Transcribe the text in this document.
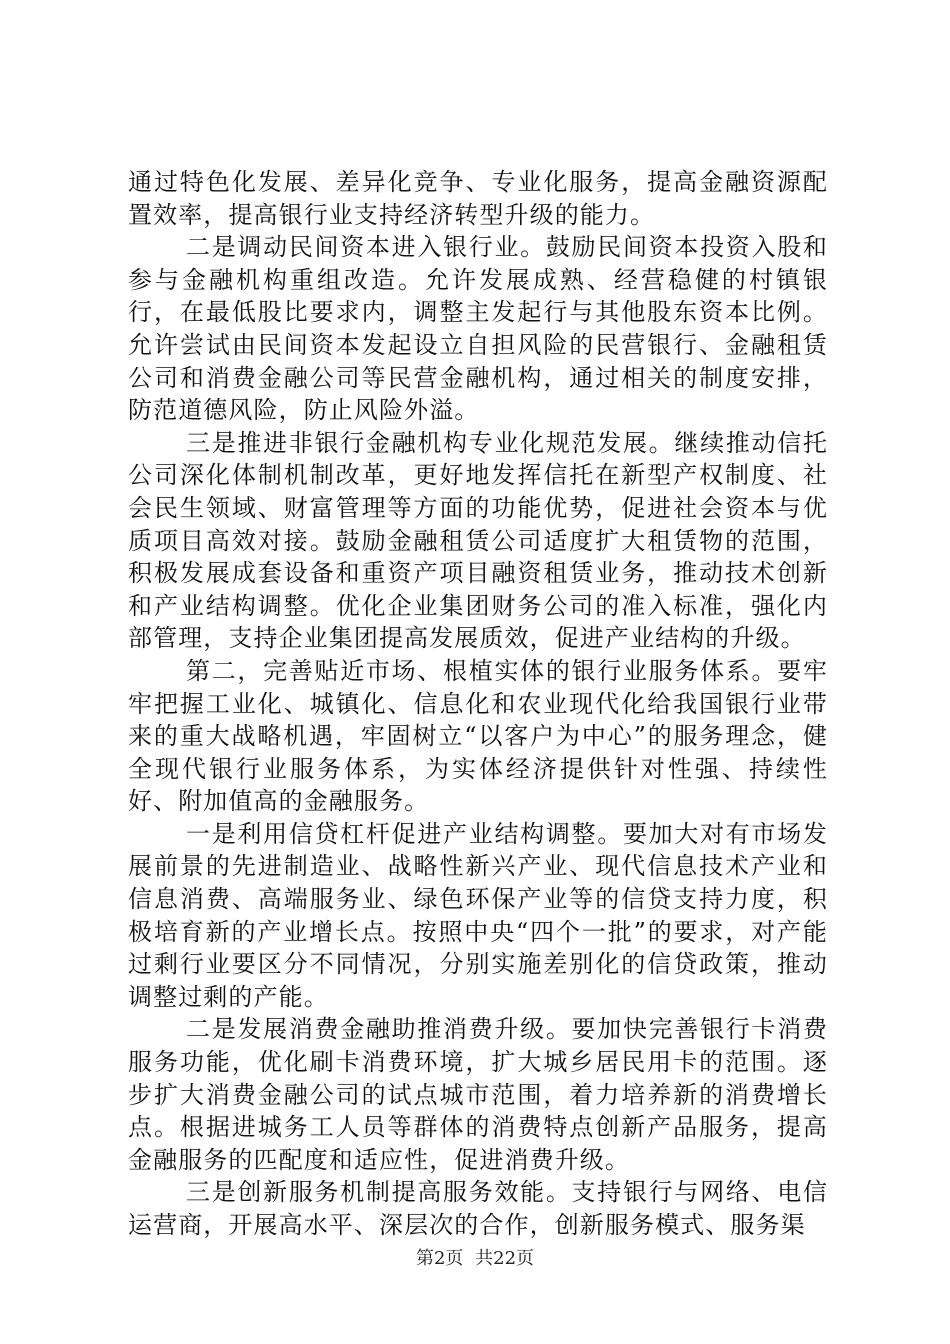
通过特色化发展、差异化竞争、专业化服务，提高金融资源配置效率，提高银行业支持经济转型升级的能力。

二是调动民间资本进入银行业。鼓励民间资本投资入股和参与金融机构重组改造。允许发展成熟、经营稳健的村镇银行，在最低股比要求内，调整主发起行与其他股东资本比例。允许尝试由民间资本发起设立自担风险的民营银行、金融租赁公司和消费金融公司等民营金融机构，通过相关的制度安排，防范道德风险，防止风险外溢。

三是推进非银行金融机构专业化规范发展。继续推动信托公司深化体制机制改革，更好地发挥信托在新型产权制度、社会民生领域、财富管理等方面的功能优势，促进社会资本与优质项目高效对接。鼓励金融租赁公司适度扩大租赁物的范围，积极发展成套设备和重资产项目融资租赁业务，推动技术创新和产业结构调整。优化企业集团财务公司的准入标准，强化内部管理，支持企业集团提高发展质效，促进产业结构的升级。

第二，完善贴近市场、根植实体的银行业服务体系。要牢牢把握工业化、城镇化、信息化和农业现代化给我国银行业带来的重大战略机遇，牢固树立“以客户为中心”的服务理念，健全现代银行业服务体系，为实体经济提供针对性强、持续性好、附加值高的金融服务。

一是利用信贷杠杆促进产业结构调整。要加大对有市场发展前景的先进制造业、战略性新兴产业、现代信息技术产业和信息消费、高端服务业、绿色环保产业等的信贷支持力度，积极培育新的产业增长点。按照中央“四个一批”的要求，对产能过剩行业要区分不同情况，分别实施差别化的信贷政策，推动调整过剩的产能。

二是发展消费金融助推消费升级。要加快完善银行卡消费服务功能，优化刷卡消费环境，扩大城乡居民用卡的范围。逐步扩大消费金融公司的试点城市范围，着力培养新的消费增长点。根据进城务工人员等群体的消费特点创新产品服务，提高金融服务的匹配度和适应性，促进消费升级。

三是创新服务机制提高服务效能。支持银行与网络、电信运营商，开展高水平、深层次的合作，创新服务模式、服务渠

第2页 共22页
